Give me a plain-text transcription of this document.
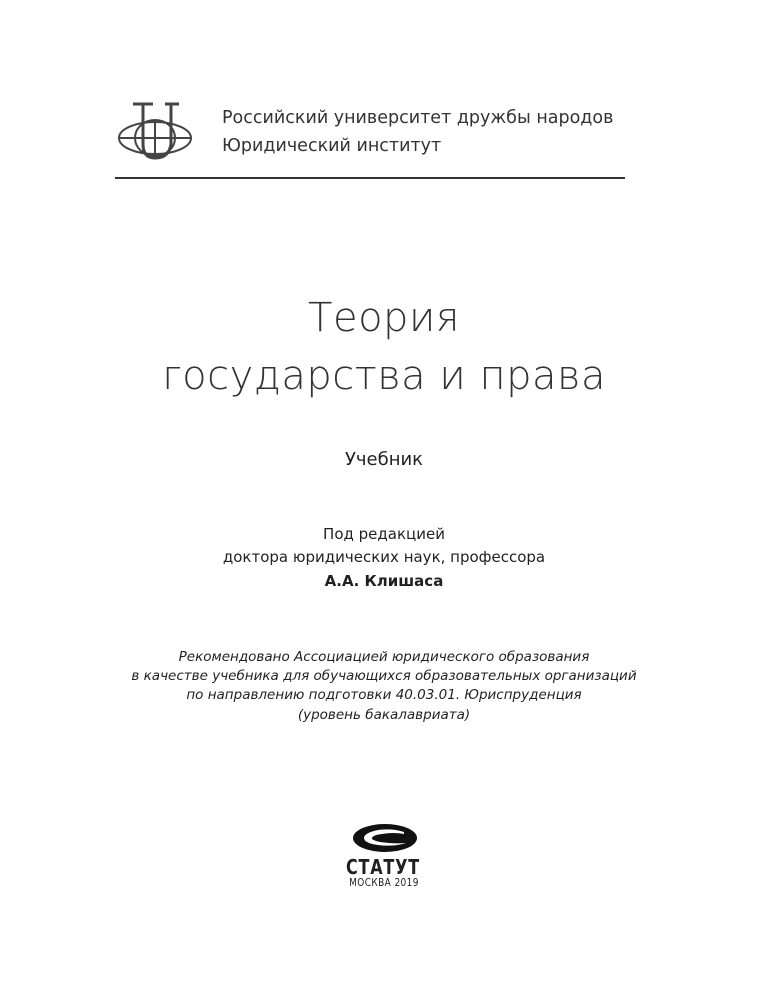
Российский университет дружбы народов
Юридический институт
Теория
государства и права
Учебник
Под редакцией
доктора юридических наук, профессора
А.А. Клишаса
Рекомендовано Ассоциацией юридического образования
в качестве учебника для обучающихся образовательных организаций
по направлению подготовки 40.03.01. Юриспруденция
(уровень бакалавриата)
СТАТУТ
МОСКВА 2019
